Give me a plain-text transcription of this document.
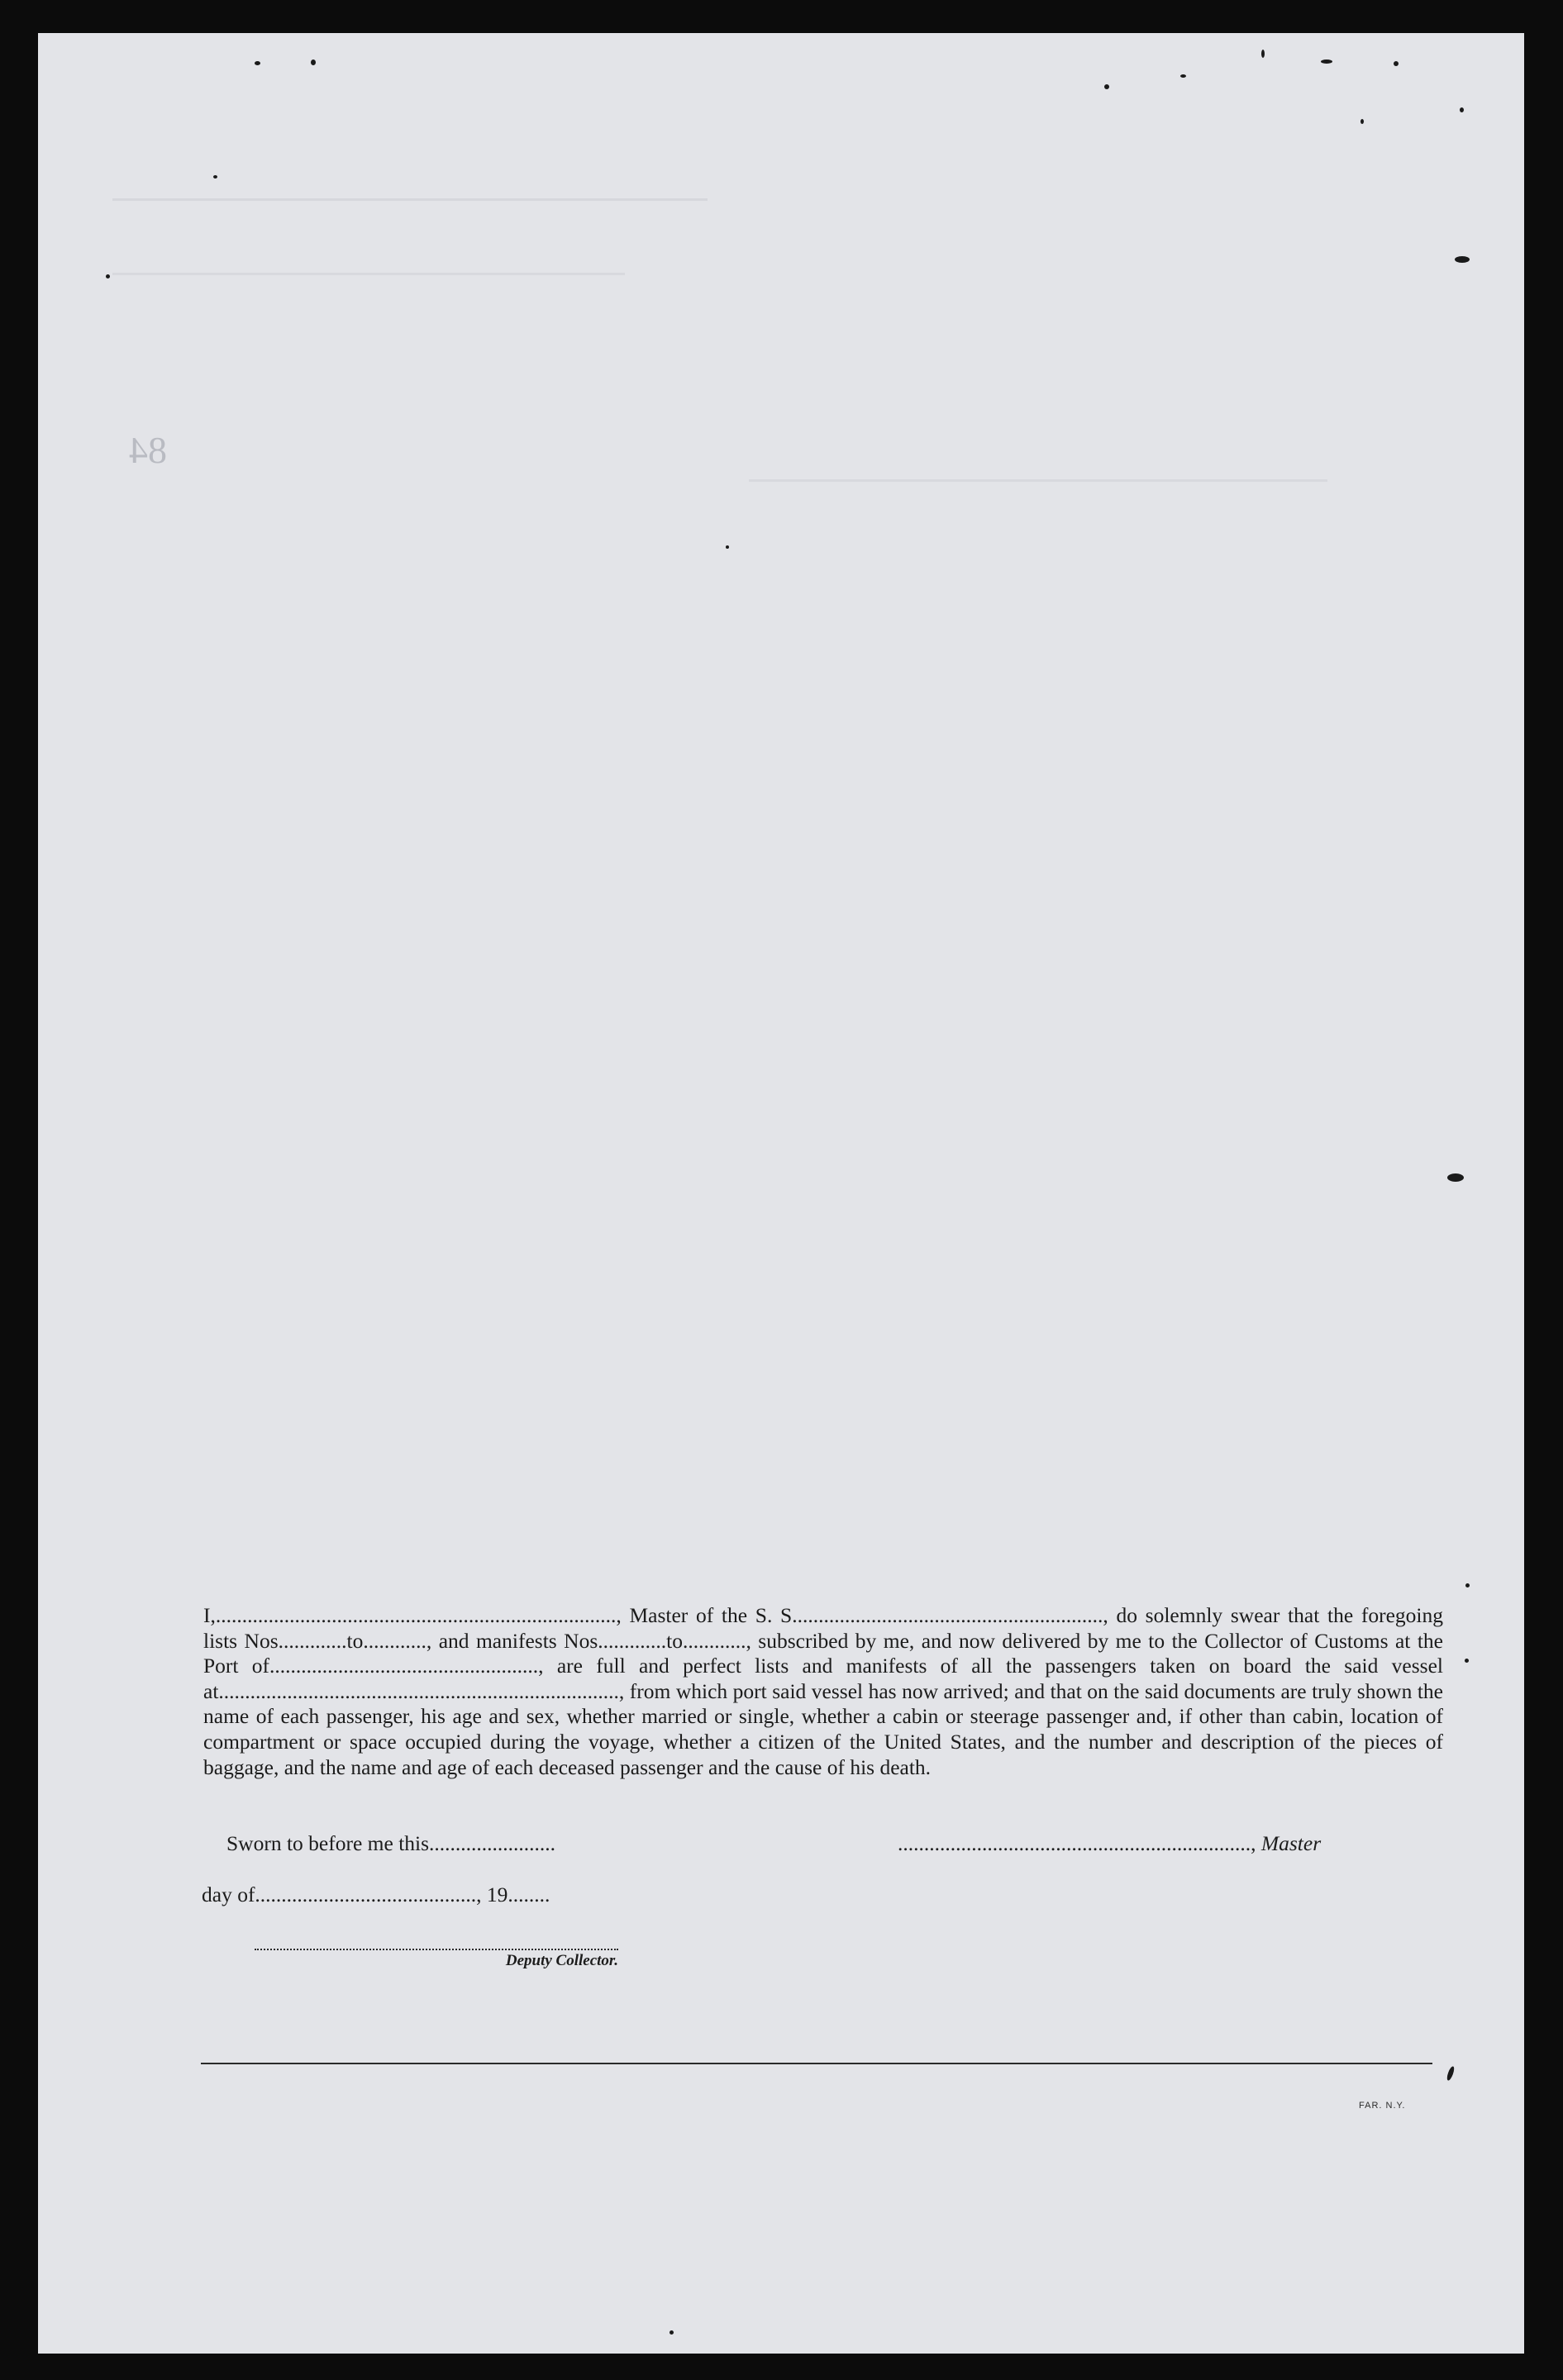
84
I,............................................................................, Master of the S. S..........................................................., do solemnly swear that the foregoing lists Nos.............to............, and manifests Nos.............to............, subscribed by me, and now delivered by me to the Collector of Customs at the Port of..................................................., are full and perfect lists and manifests of all the passengers taken on board the said vessel at............................................................................, from which port said vessel has now arrived; and that on the said documents are truly shown the name of each passenger, his age and sex, whether married or single, whether a cabin or steerage passenger and, if other than cabin, location of compartment or space occupied during the voyage, whether a citizen of the United States, and the number and description of the pieces of baggage, and the name and age of each deceased passenger and the cause of his death.
Sworn to before me this........................	..................................................................., Master
day of.........................................., 19........
Deputy Collector.
FAR. N.Y.
